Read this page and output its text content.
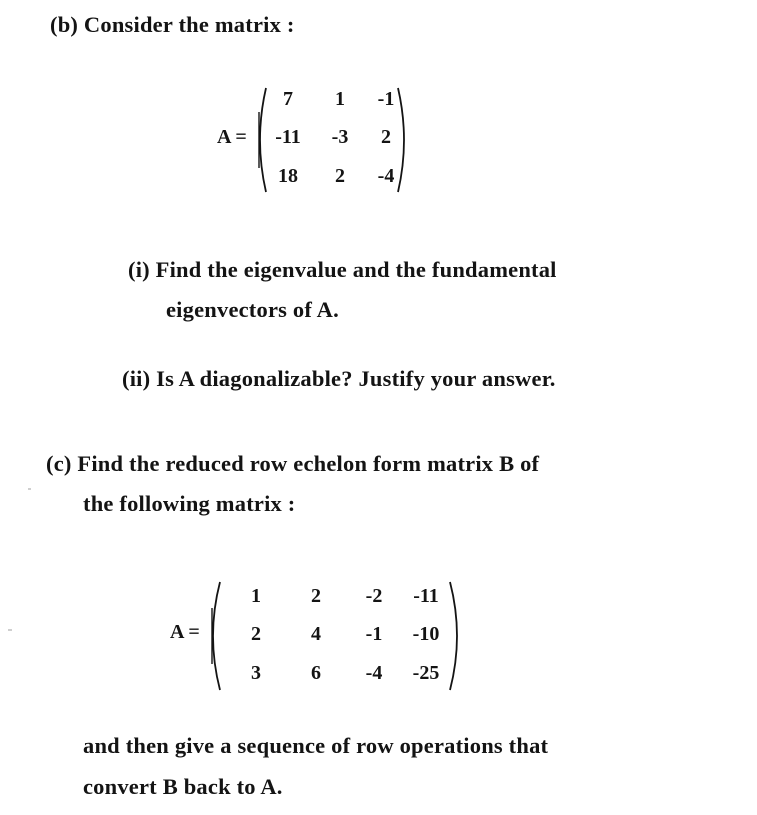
(b) Consider the matrix :
A =
7 1 -1
-11 -3 2
18 2 -4
(i) Find the eigenvalue and the fundamental
eigenvectors of A.
(ii) Is A diagonalizable? Justify your answer.
(c) Find the reduced row echelon form matrix B of
the following matrix :
A =
1	2 -2 -11
2	4 -1 -10
3	6 -4 -25
and then give a sequence of row operations that
convert B back to A.
